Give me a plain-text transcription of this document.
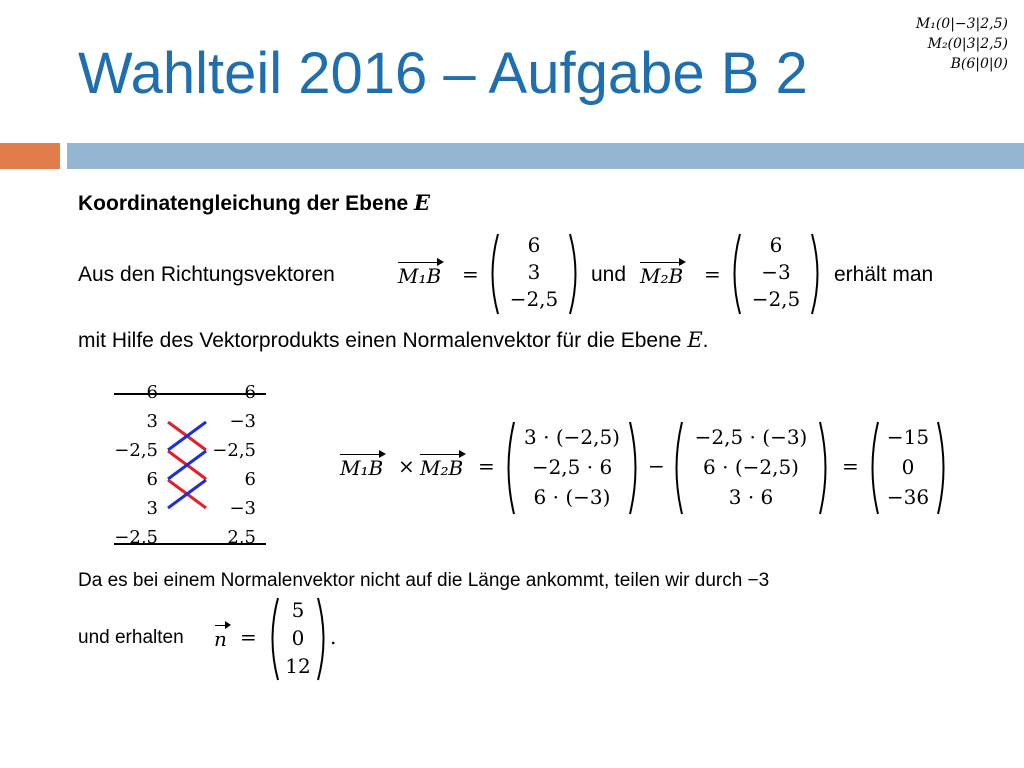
Wahlteil 2016 – Aufgabe B 2
M₁(0|−3|2,5)
M₂(0|3|2,5)
B(6|0|0)
Koordinatengleichung der Ebene E
Aus den Richtungsvektoren	M₁B =
6
3
−2,5
und M₂B =
6
−3
−2,5
erhält man
mit Hilfe des Vektorprodukts einen Normalenvektor für die Ebene E.
6
3
−2,5
6
3
−2,5
6
−3
−2,5
6
−3
2,5
M₁B × M₂B =
3 · (−2,5)
−2,5 · 6
6 · (−3)
−
−2,5 · (−3)
6 · (−2,5)
3 · 6
=
−15
0
−36
Da es bei einem Normalenvektor nicht auf die Länge ankommt, teilen wir durch −3
und erhalten n =
5
0
12
.
